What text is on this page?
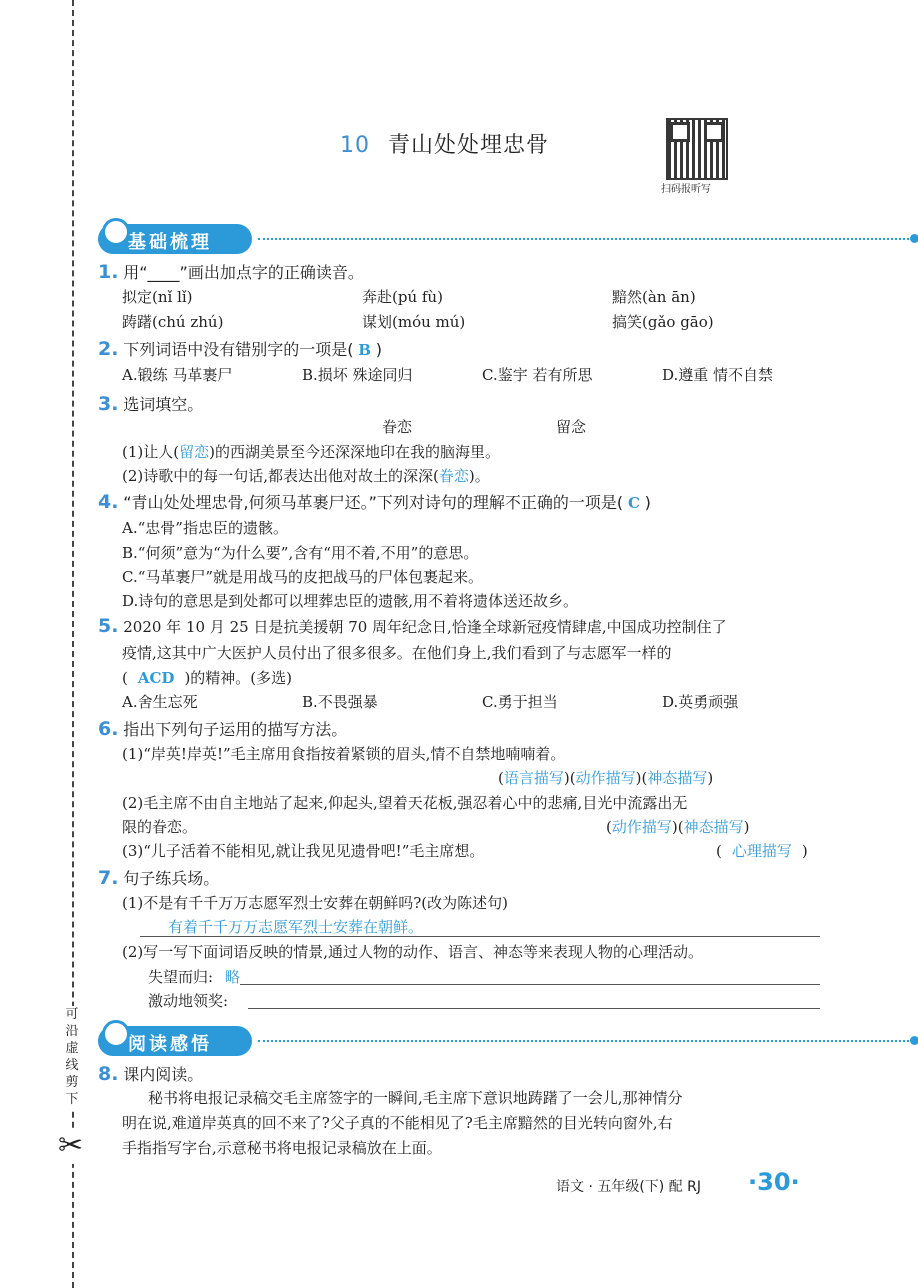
可沿虚线剪下
✂
10 青山处处埋忠骨
扫码报听写
基础梳理
1. 用“____”画出加点字的正确读音。
拟定(nǐ lǐ)	奔赴(pú fù)	黯然(àn ān)
踌躇(chú zhú)	谋划(móu mú)	搞笑(gǎo gāo)
2. 下列词语中没有错别字的一项是( B )
A.锻练 马革裹尸	B.损坏 殊途同归	C.鉴宇 若有所思	D.遵重 情不自禁
3. 选词填空。
眷恋	留念
(1)让人(留恋)的西湖美景至今还深深地印在我的脑海里。
(2)诗歌中的每一句话,都表达出他对故土的深深(眷恋)。
4. “青山处处埋忠骨,何须马革裹尸还。”下列对诗句的理解不正确的一项是( C )
A.“忠骨”指忠臣的遗骸。
B.“何须”意为“为什么要”,含有“用不着,不用”的意思。
C.“马革裹尸”就是用战马的皮把战马的尸体包裹起来。
D.诗句的意思是到处都可以埋葬忠臣的遗骸,用不着将遗体送还故乡。
5. 2020 年 10 月 25 日是抗美援朝 70 周年纪念日,恰逢全球新冠疫情肆虐,中国成功控制住了
疫情,这其中广大医护人员付出了很多很多。在他们身上,我们看到了与志愿军一样的
( ACD )的精神。(多选)
A.舍生忘死	B.不畏强暴	C.勇于担当	D.英勇顽强
6. 指出下列句子运用的描写方法。
(1)“岸英!岸英!”毛主席用食指按着紧锁的眉头,情不自禁地喃喃着。
(语言描写)(动作描写)(神态描写)
(2)毛主席不由自主地站了起来,仰起头,望着天花板,强忍着心中的悲痛,目光中流露出无
限的眷恋。	(动作描写)(神态描写)
(3)“儿子活着不能相见,就让我见见遗骨吧!”毛主席想。	( 心理描写 )
7. 句子练兵场。
(1)不是有千千万万志愿军烈士安葬在朝鲜吗?(改为陈述句)
有着千千万万志愿军烈士安葬在朝鲜。
(2)写一写下面词语反映的情景,通过人物的动作、语言、神态等来表现人物的心理活动。
失望而归: 略
激动地领奖:
阅读感悟
8. 课内阅读。
秘书将电报记录稿交毛主席签字的一瞬间,毛主席下意识地踌躇了一会儿,那神情分
明在说,难道岸英真的回不来了?父子真的不能相见了?毛主席黯然的目光转向窗外,右
手指指写字台,示意秘书将电报记录稿放在上面。
语文 · 五年级(下) 配 RJ ·30·
